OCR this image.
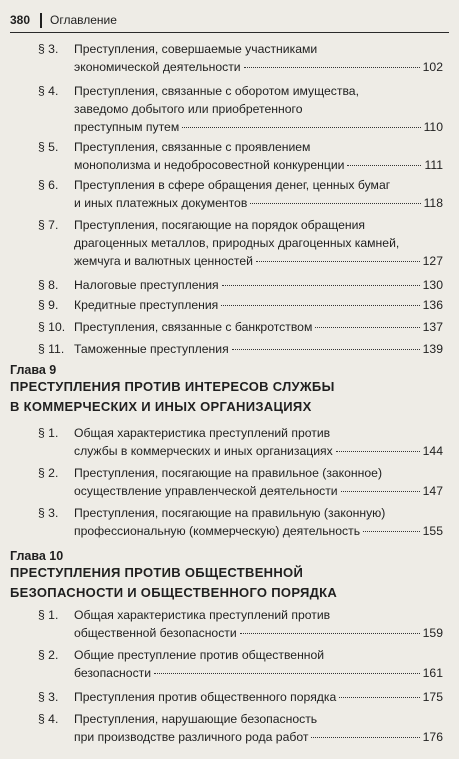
380 Оглавление
§ 3. Преступления, совершаемые участниками
экономической деятельности	102
§ 4. Преступления, связанные с оборотом имущества,
заведомо добытого или приобретенного
преступным путем	110
§ 5. Преступления, связанные с проявлением
монополизма и недобросовестной конкуренции	111
§ 6. Преступления в сфере обращения денег, ценных бумаг
и иных платежных документов	118
§ 7. Преступления, посягающие на порядок обращения
драгоценных металлов, природных драгоценных камней,
жемчуга и валютных ценностей	127
§ 8. Налоговые преступления	130
§ 9. Кредитные преступления	136
§ 10. Преступления, связанные с банкротством	137
§ 11. Таможенные преступления	139
Глава 9
ПРЕСТУПЛЕНИЯ ПРОТИВ ИНТЕРЕСОВ СЛУЖБЫ
В КОММЕРЧЕСКИХ И ИНЫХ ОРГАНИЗАЦИЯХ
§ 1. Общая характеристика преступлений против
службы в коммерческих и иных организациях	144
§ 2. Преступления, посягающие на правильное (законное)
осуществление управленческой деятельности	147
§ 3. Преступления, посягающие на правильную (законную)
профессиональную (коммерческую) деятельность	155
Глава 10
ПРЕСТУПЛЕНИЯ ПРОТИВ ОБЩЕСТВЕННОЙ
БЕЗОПАСНОСТИ И ОБЩЕСТВЕННОГО ПОРЯДКА
§ 1. Общая характеристика преступлений против
общественной безопасности	159
§ 2. Общие преступление против общественной
безопасности	161
§ 3. Преступления против общественного порядка	175
§ 4. Преступления, нарушающие безопасность
при производстве различного рода работ	176
